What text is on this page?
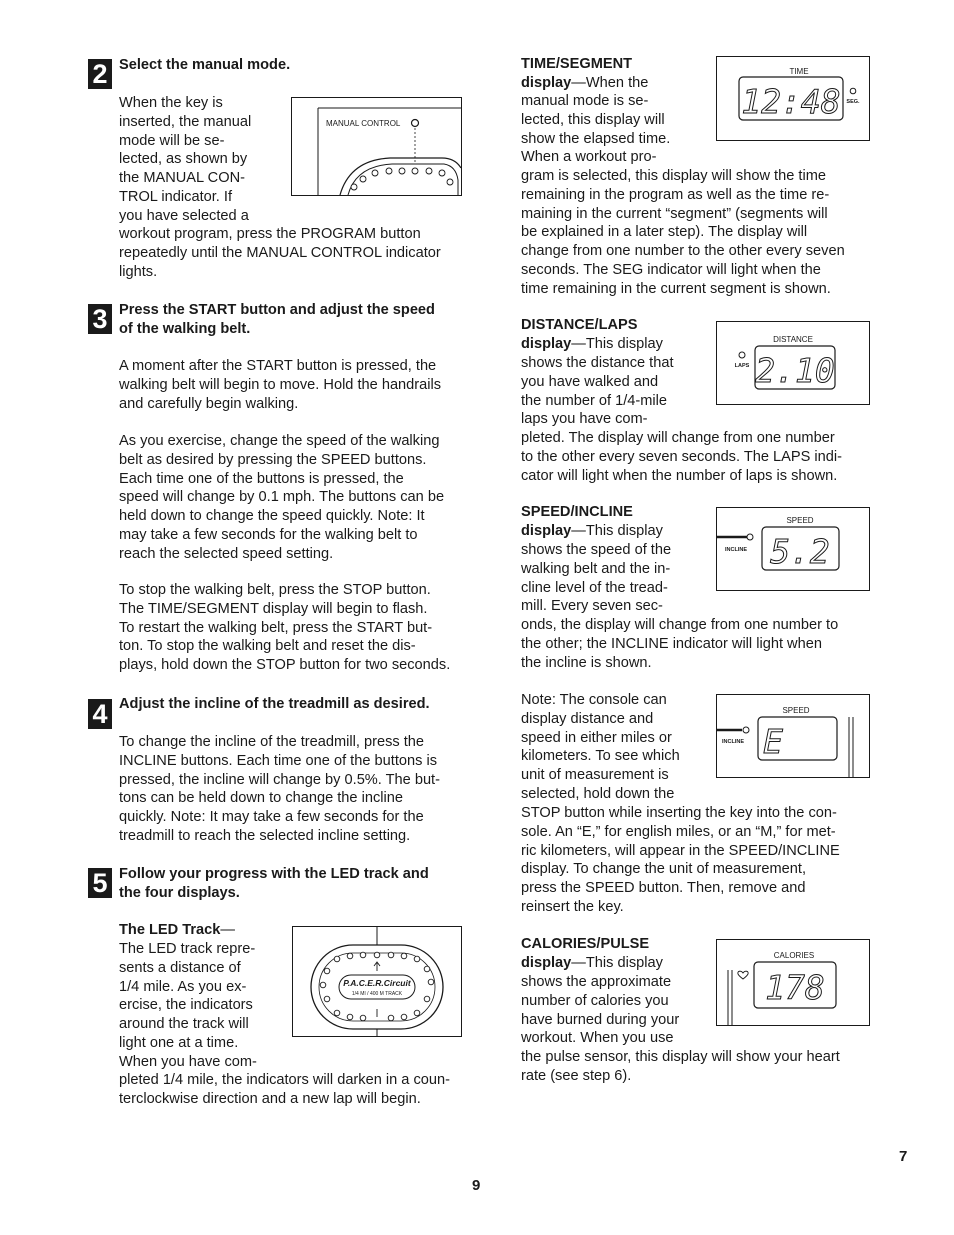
2 Select the manual mode.
When the key is
inserted, the manual
mode will be se-
lected, as shown by
the MANUAL CON-
TROL indicator. If
you have selected a
workout program, press the PROGRAM button
repeatedly until the MANUAL CONTROL indicator
lights.
MANUAL CONTROL
3 Press the START button and adjust the speed
of the walking belt.
A moment after the START button is pressed, the
walking belt will begin to move. Hold the handrails
and carefully begin walking.
As you exercise, change the speed of the walking
belt as desired by pressing the SPEED buttons.
Each time one of the buttons is pressed, the
speed will change by 0.1 mph. The buttons can be
held down to change the speed quickly. Note: It
may take a few seconds for the walking belt to
reach the selected speed setting.
To stop the walking belt, press the STOP button.
The TIME/SEGMENT display will begin to flash.
To restart the walking belt, press the START but-
ton. To stop the walking belt and reset the dis-
plays, hold down the STOP button for two seconds.
4 Adjust the incline of the treadmill as desired.
To change the incline of the treadmill, press the
INCLINE buttons. Each time one of the buttons is
pressed, the incline will change by 0.5%. The but-
tons can be held down to change the incline
quickly. Note: It may take a few seconds for the
treadmill to reach the selected incline setting.
5 Follow your progress with the LED track and
the four displays.
The LED Track—
The LED track repre-
sents a distance of
1/4 mile. As you ex-
ercise, the indicators
around the track will
light one at a time.
When you have com-
pleted 1/4 mile, the indicators will darken in a coun-
terclockwise direction and a new lap will begin.
P.A.C.E.R.Circuit
1/4 MI / 400 M TRACK
TIME/SEGMENT
display—When the
manual mode is se-
lected, this display will
show the elapsed time.
When a workout pro-
gram is selected, this display will show the time
remaining in the program as well as the time re-
maining in the current “segment” (segments will
be explained in a later step). The display will
change from one number to the other every seven
seconds. The SEG indicator will light when the
time remaining in the current segment is shown.
TIME
12:48 SEG.
DISTANCE/LAPS
display—This display
shows the distance that
you have walked and
the number of 1/4-mile
laps you have com-
pleted. The display will change from one number
to the other every seven seconds. The LAPS indi-
cator will light when the number of laps is shown.
DISTANCE
2.10
LAPS
SPEED/INCLINE
display—This display
shows the speed of the
walking belt and the in-
cline level of the tread-
mill. Every seven sec-
onds, the display will change from one number to
the other; the INCLINE indicator will light when
the incline is shown.
SPEED
5.2
INCLINE
Note: The console can
display distance and
speed in either miles or
kilometers. To see which
unit of measurement is
selected, hold down the
STOP button while inserting the key into the con-
sole. An “E,” for english miles, or an “M,” for met-
ric kilometers, will appear in the SPEED/INCLINE
display. To change the unit of measurement,
press the SPEED button. Then, remove and
reinsert the key.
SPEED
E
INCLINE
CALORIES/PULSE
display—This display
shows the approximate
number of calories you
have burned during your
workout. When you use
the pulse sensor, this display will show your heart
rate (see step 6).
CALORIES
178
7
9
